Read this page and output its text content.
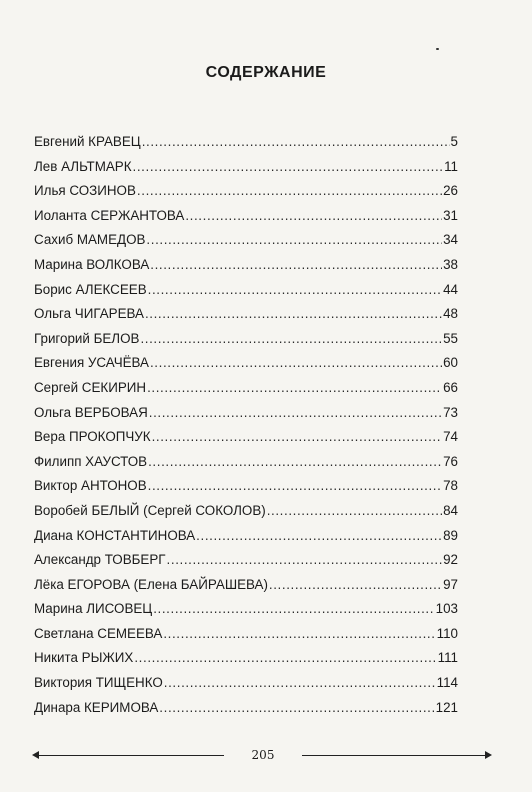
СОДЕРЖАНИЕ
Евгений КРАВЕЦ .....	5
Лев АЛЬТМАРК .....	11
Илья СОЗИНОВ .....	26
Иоланта СЕРЖАНТОВА .....	31
Сахиб МАМЕДОВ .....	34
Марина ВОЛКОВА .....	38
Борис АЛЕКСЕЕВ .....	44
Ольга ЧИГАРЕВА .....	48
Григорий БЕЛОВ .....	55
Евгения УСАЧЁВА .....	60
Сергей СЕКИРИН .....	66
Ольга ВЕРБОВАЯ .....	73
Вера ПРОКОПЧУК .....	74
Филипп ХАУСТОВ .....	76
Виктор АНТОНОВ .....	78
Воробей БЕЛЫЙ (Сергей СОКОЛОВ) .....	84
Диана КОНСТАНТИНОВА .....	89
Александр ТОВБЕРГ .....	92
Лёка ЕГОРОВА (Елена БАЙРАШЕВА) .....	97
Марина ЛИСОВЕЦ .....	103
Светлана СЕМЕЕВА .....	110
Никита РЫЖИХ .....	111
Виктория ТИЩЕНКО .....	114
Динара КЕРИМОВА .....	121
205
